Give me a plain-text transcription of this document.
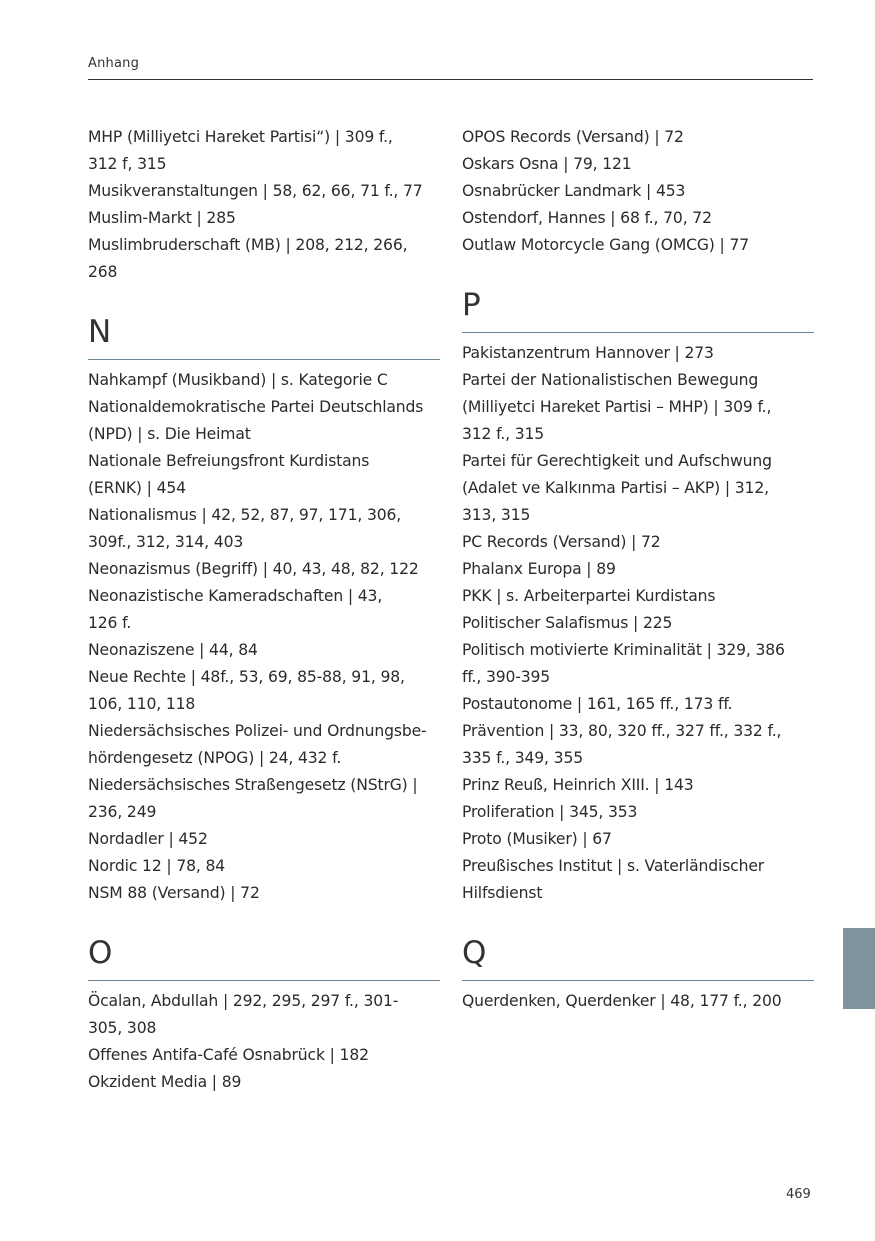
Anhang
MHP (Milliyetci Hareket Partisi“) | 309 f.,
312 f, 315
Musikveranstaltungen | 58, 62, 66, 71 f., 77
Muslim-Markt | 285
Muslimbruderschaft (MB) | 208, 212, 266,
268
N
Nahkampf (Musikband) | s. Kategorie C
Nationaldemokratische Partei Deutschlands
(NPD) | s. Die Heimat
Nationale Befreiungsfront Kurdistans
(ERNK) | 454
Nationalismus | 42, 52, 87, 97, 171, 306,
309f., 312, 314, 403
Neonazismus (Begriff) | 40, 43, 48, 82, 122
Neonazistische Kameradschaften | 43,
126 f.
Neonaziszene | 44, 84
Neue Rechte | 48f., 53, 69, 85-88, 91, 98,
106, 110, 118
Niedersächsisches Polizei- und Ordnungsbe-
hördengesetz (NPOG) | 24, 432 f.
Niedersächsisches Straßengesetz (NStrG) |
236, 249
Nordadler | 452
Nordic 12 | 78, 84
NSM 88 (Versand) | 72
O
Öcalan, Abdullah | 292, 295, 297 f., 301-
305, 308
Offenes Antifa-Café Osnabrück | 182
Okzident Media | 89
OPOS Records (Versand) | 72
Oskars Osna | 79, 121
Osnabrücker Landmark | 453
Ostendorf, Hannes | 68 f., 70, 72
Outlaw Motorcycle Gang (OMCG) | 77
P
Pakistanzentrum Hannover | 273
Partei der Nationalistischen Bewegung
(Milliyetci Hareket Partisi – MHP) | 309 f.,
312 f., 315
Partei für Gerechtigkeit und Aufschwung
(Adalet ve Kalkınma Partisi – AKP) | 312,
313, 315
PC Records (Versand) | 72
Phalanx Europa | 89
PKK | s. Arbeiterpartei Kurdistans
Politischer Salafismus | 225
Politisch motivierte Kriminalität | 329, 386
ff., 390-395
Postautonome | 161, 165 ff., 173 ff.
Prävention | 33, 80, 320 ff., 327 ff., 332 f.,
335 f., 349, 355
Prinz Reuß, Heinrich XIII. | 143
Proliferation | 345, 353
Proto (Musiker) | 67
Preußisches Institut | s. Vaterländischer
Hilfsdienst
Q
Querdenken, Querdenker | 48, 177 f., 200
469
